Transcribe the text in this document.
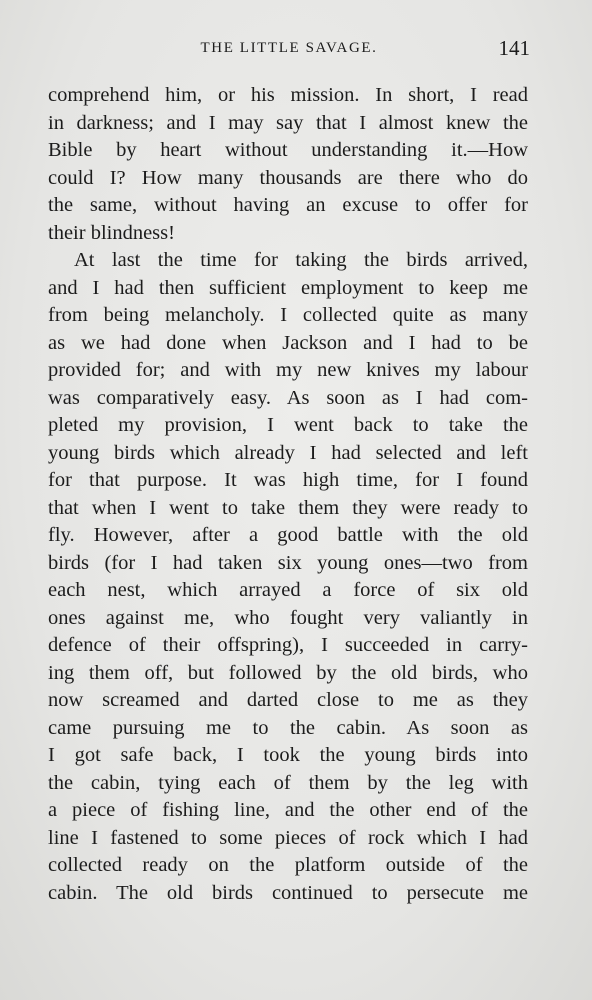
THE LITTLE SAVAGE.	141
comprehend him, or his mission. In short, I read
in darkness; and I may say that I almost knew the
Bible by heart without understanding it.—How
could I? How many thousands are there who do
the same, without having an excuse to offer for
their blindness!
At last the time for taking the birds arrived,
and I had then sufficient employment to keep me
from being melancholy. I collected quite as many
as we had done when Jackson and I had to be
provided for; and with my new knives my labour
was comparatively easy. As soon as I had com-
pleted my provision, I went back to take the
young birds which already I had selected and left
for that purpose. It was high time, for I found
that when I went to take them they were ready to
fly. However, after a good battle with the old
birds (for I had taken six young ones—two from
each nest, which arrayed a force of six old
ones against me, who fought very valiantly in
defence of their offspring), I succeeded in carry-
ing them off, but followed by the old birds, who
now screamed and darted close to me as they
came pursuing me to the cabin. As soon as
I got safe back, I took the young birds into
the cabin, tying each of them by the leg with
a piece of fishing line, and the other end of the
line I fastened to some pieces of rock which I had
collected ready on the platform outside of the
cabin. The old birds continued to persecute me
